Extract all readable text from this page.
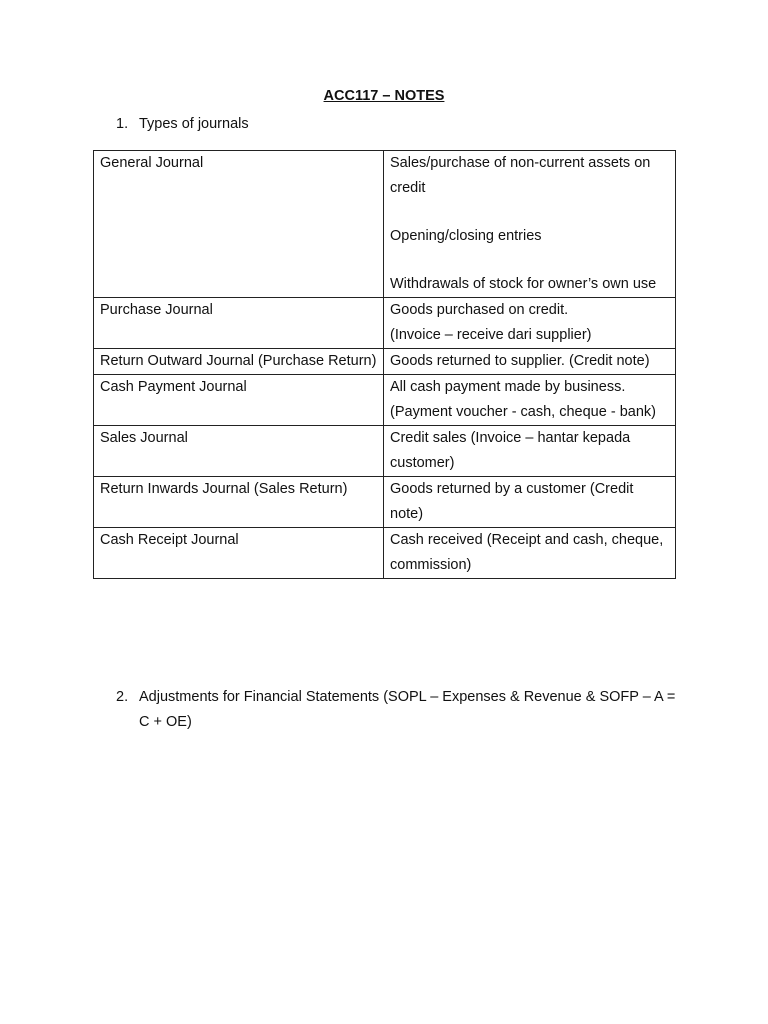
ACC117 – NOTES
1. Types of journals
General Journal	Sales/purchase of non-current assets on credit
Opening/closing entries
Withdrawals of stock for owner’s own use

Purchase Journal	Goods purchased on credit.
(Invoice – receive dari supplier)

Return Outward Journal (Purchase Return)	Goods returned to supplier. (Credit note)

Cash Payment Journal	All cash payment made by business.
(Payment voucher - cash, cheque - bank)

Sales Journal	Credit sales (Invoice – hantar kepada customer)

Return Inwards Journal (Sales Return)	Goods returned by a customer (Credit note)

Cash Receipt Journal	Cash received (Receipt and cash, cheque, commission)
2. Adjustments for Financial Statements (SOPL – Expenses & Revenue & SOFP – A = C + OE)
